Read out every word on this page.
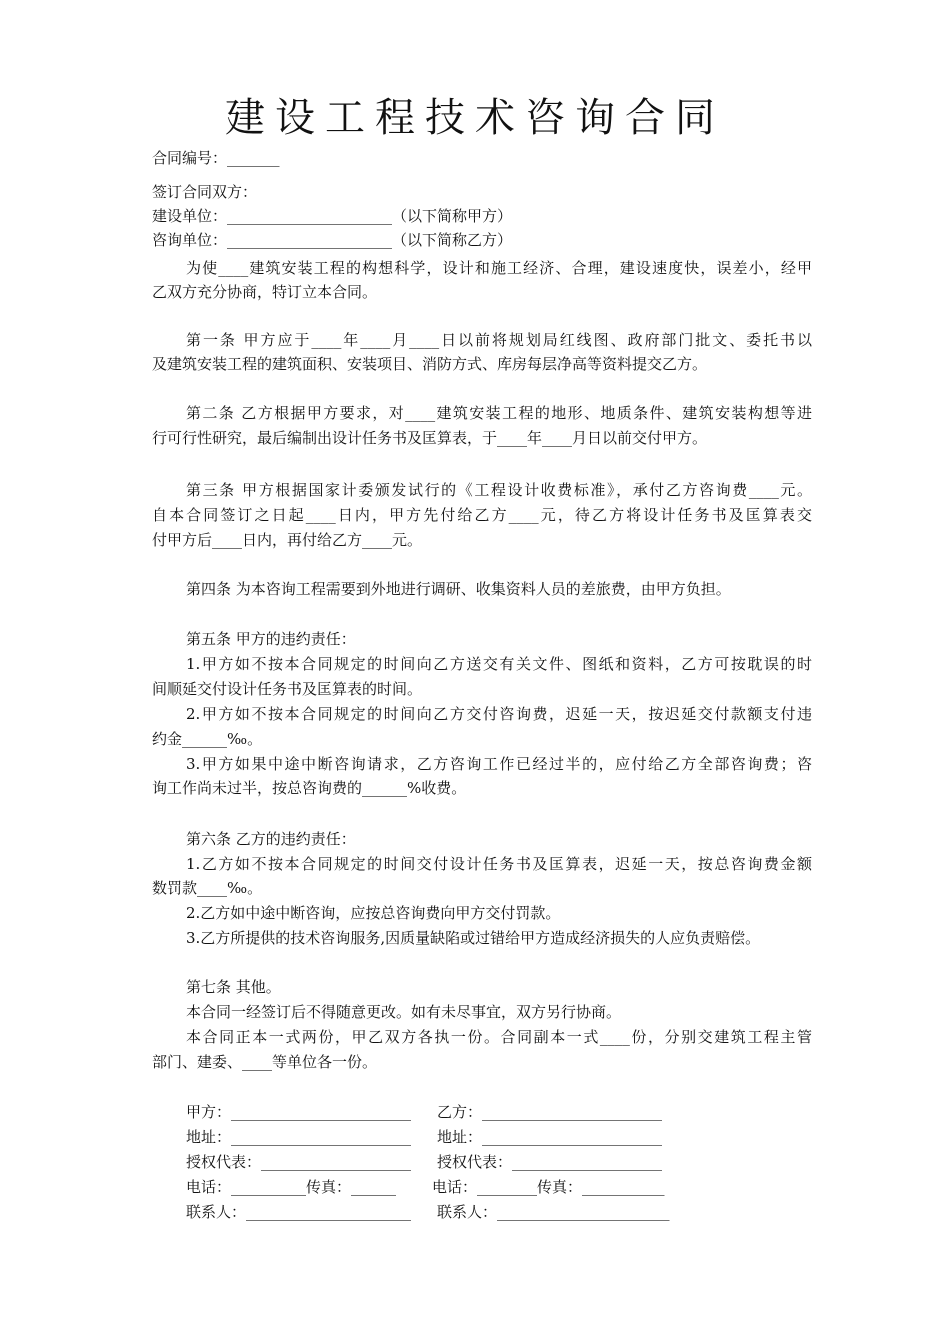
建设工程技术咨询合同
合同编号：_______
签订合同双方：
建设单位：______________________（以下简称甲方）
咨询单位：______________________（以下简称乙方）
为使____建筑安装工程的构想科学，设计和施工经济、合理，建设速度快，误差小，经甲
乙双方充分协商，特订立本合同。
第一条 甲方应于____年____月____日以前将规划局红线图、政府部门批文、委托书以
及建筑安装工程的建筑面积、安装项目、消防方式、库房每层净高等资料提交乙方。
第二条 乙方根据甲方要求，对____建筑安装工程的地形、地质条件、建筑安装构想等进
行可行性研究，最后编制出设计任务书及匡算表，于____年____月日以前交付甲方。
第三条 甲方根据国家计委颁发试行的《工程设计收费标准》，承付乙方咨询费____元。
自本合同签订之日起____日内，甲方先付给乙方____元，待乙方将设计任务书及匡算表交
付甲方后____日内，再付给乙方____元。
第四条 为本咨询工程需要到外地进行调研、收集资料人员的差旅费，由甲方负担。
第五条 甲方的违约责任：
1.甲方如不按本合同规定的时间向乙方送交有关文件、图纸和资料，乙方可按耽误的时
间顺延交付设计任务书及匡算表的时间。
2.甲方如不按本合同规定的时间向乙方交付咨询费，迟延一天，按迟延交付款额支付违
约金______‰。
3.甲方如果中途中断咨询请求，乙方咨询工作已经过半的，应付给乙方全部咨询费；咨
询工作尚未过半，按总咨询费的______%收费。
第六条 乙方的违约责任：
1.乙方如不按本合同规定的时间交付设计任务书及匡算表，迟延一天，按总咨询费金额
数罚款____‰。
2.乙方如中途中断咨询，应按总咨询费向甲方交付罚款。
3.乙方所提供的技术咨询服务,因质量缺陷或过错给甲方造成经济损失的人应负责赔偿。
第七条 其他。
本合同一经签订后不得随意更改。如有未尽事宜，双方另行协商。
本合同正本一式两份，甲乙双方各执一份。合同副本一式____份，分别交建筑工程主管
部门、建委、____等单位各一份。
甲方：________________________ 乙方：________________________
地址：________________________ 地址：________________________
授权代表：____________________ 授权代表：____________________
电话：__________传真：______ 电话：________传真：___________
联系人：______________________ 联系人：_______________________
